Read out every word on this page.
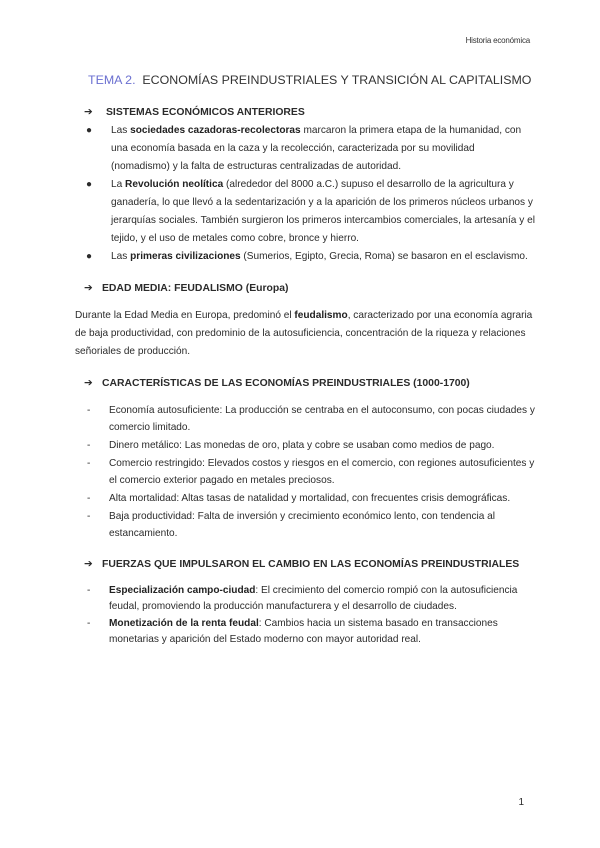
Historia económica
TEMA 2. ECONOMÍAS PREINDUSTRIALES Y TRANSICIÓN AL CAPITALISMO
➔	SISTEMAS ECONÓMICOS ANTERIORES
●	Las sociedades cazadoras-recolectoras marcaron la primera etapa de la humanidad, con una economía basada en la caza y la recolección, caracterizada por su movilidad (nomadismo) y la falta de estructuras centralizadas de autoridad.
●	La Revolución neolítica (alrededor del 8000 a.C.) supuso el desarrollo de la agricultura y ganadería, lo que llevó a la sedentarización y a la aparición de los primeros núcleos urbanos y jerarquías sociales. También surgieron los primeros intercambios comerciales, la artesanía y el tejido, y el uso de metales como cobre, bronce y hierro.
●	Las primeras civilizaciones (Sumerios, Egipto, Grecia, Roma) se basaron en el esclavismo.
➔ EDAD MEDIA: FEUDALISMO (Europa)

Durante la Edad Media en Europa, predominó el feudalismo, caracterizado por una economía agraria de baja productividad, con predominio de la autosuficiencia, concentración de la riqueza y relaciones señoriales de producción.

➔ CARACTERÍSTICAS DE LAS ECONOMÍAS PREINDUSTRIALES (1000-1700)
-	Economía autosuficiente: La producción se centraba en el autoconsumo, con pocas ciudades y comercio limitado.
-	Dinero metálico: Las monedas de oro, plata y cobre se usaban como medios de pago.
-	Comercio restringido: Elevados costos y riesgos en el comercio, con regiones autosuficientes y el comercio exterior pagado en metales preciosos.
-	Alta mortalidad: Altas tasas de natalidad y mortalidad, con frecuentes crisis demográficas.
-	Baja productividad: Falta de inversión y crecimiento económico lento, con tendencia al estancamiento.
➔ FUERZAS QUE IMPULSARON EL CAMBIO EN LAS ECONOMÍAS PREINDUSTRIALES
-	Especialización campo-ciudad: El crecimiento del comercio rompió con la autosuficiencia feudal, promoviendo la producción manufacturera y el desarrollo de ciudades.
-	Monetización de la renta feudal: Cambios hacia un sistema basado en transacciones monetarias y aparición del Estado moderno con mayor autoridad real.
1
